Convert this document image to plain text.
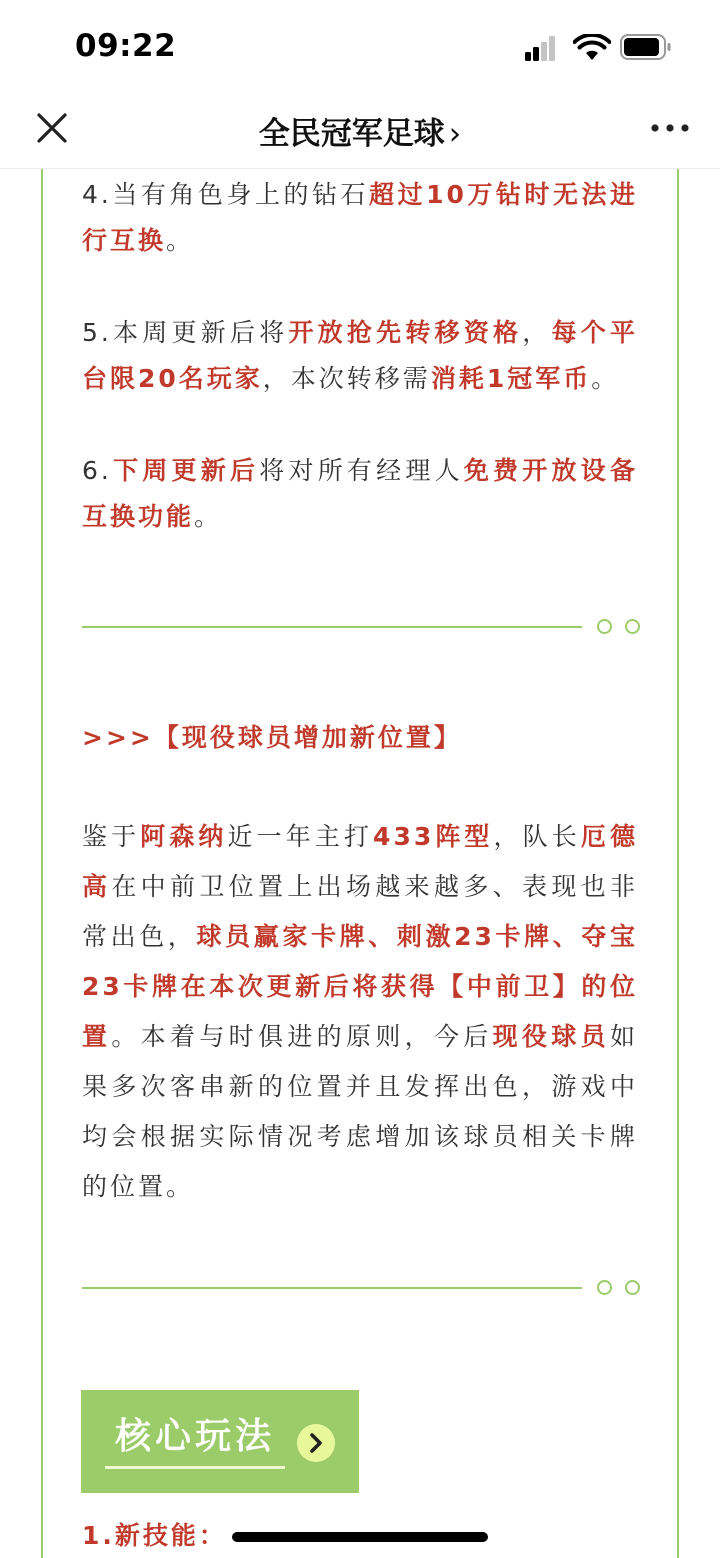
09:22
全民冠军足球 ›

4.当有角色身上的钻石超过10万钻时无法进行互换。

5.本周更新后将开放抢先转移资格，每个平台限20名玩家，本次转移需消耗1冠军币。

6.下周更新后将对所有经理人免费开放设备互换功能。

>>>【现役球员增加新位置】

鉴于阿森纳近一年主打433阵型，队长厄德高在中前卫位置上出场越来越多、表现也非常出色，球员赢家卡牌、刺激23卡牌、夺宝23卡牌在本次更新后将获得【中前卫】的位置。本着与时俱进的原则，今后现役球员如果多次客串新的位置并且发挥出色，游戏中均会根据实际情况考虑增加该球员相关卡牌的位置。

核心玩法
1.新技能：
